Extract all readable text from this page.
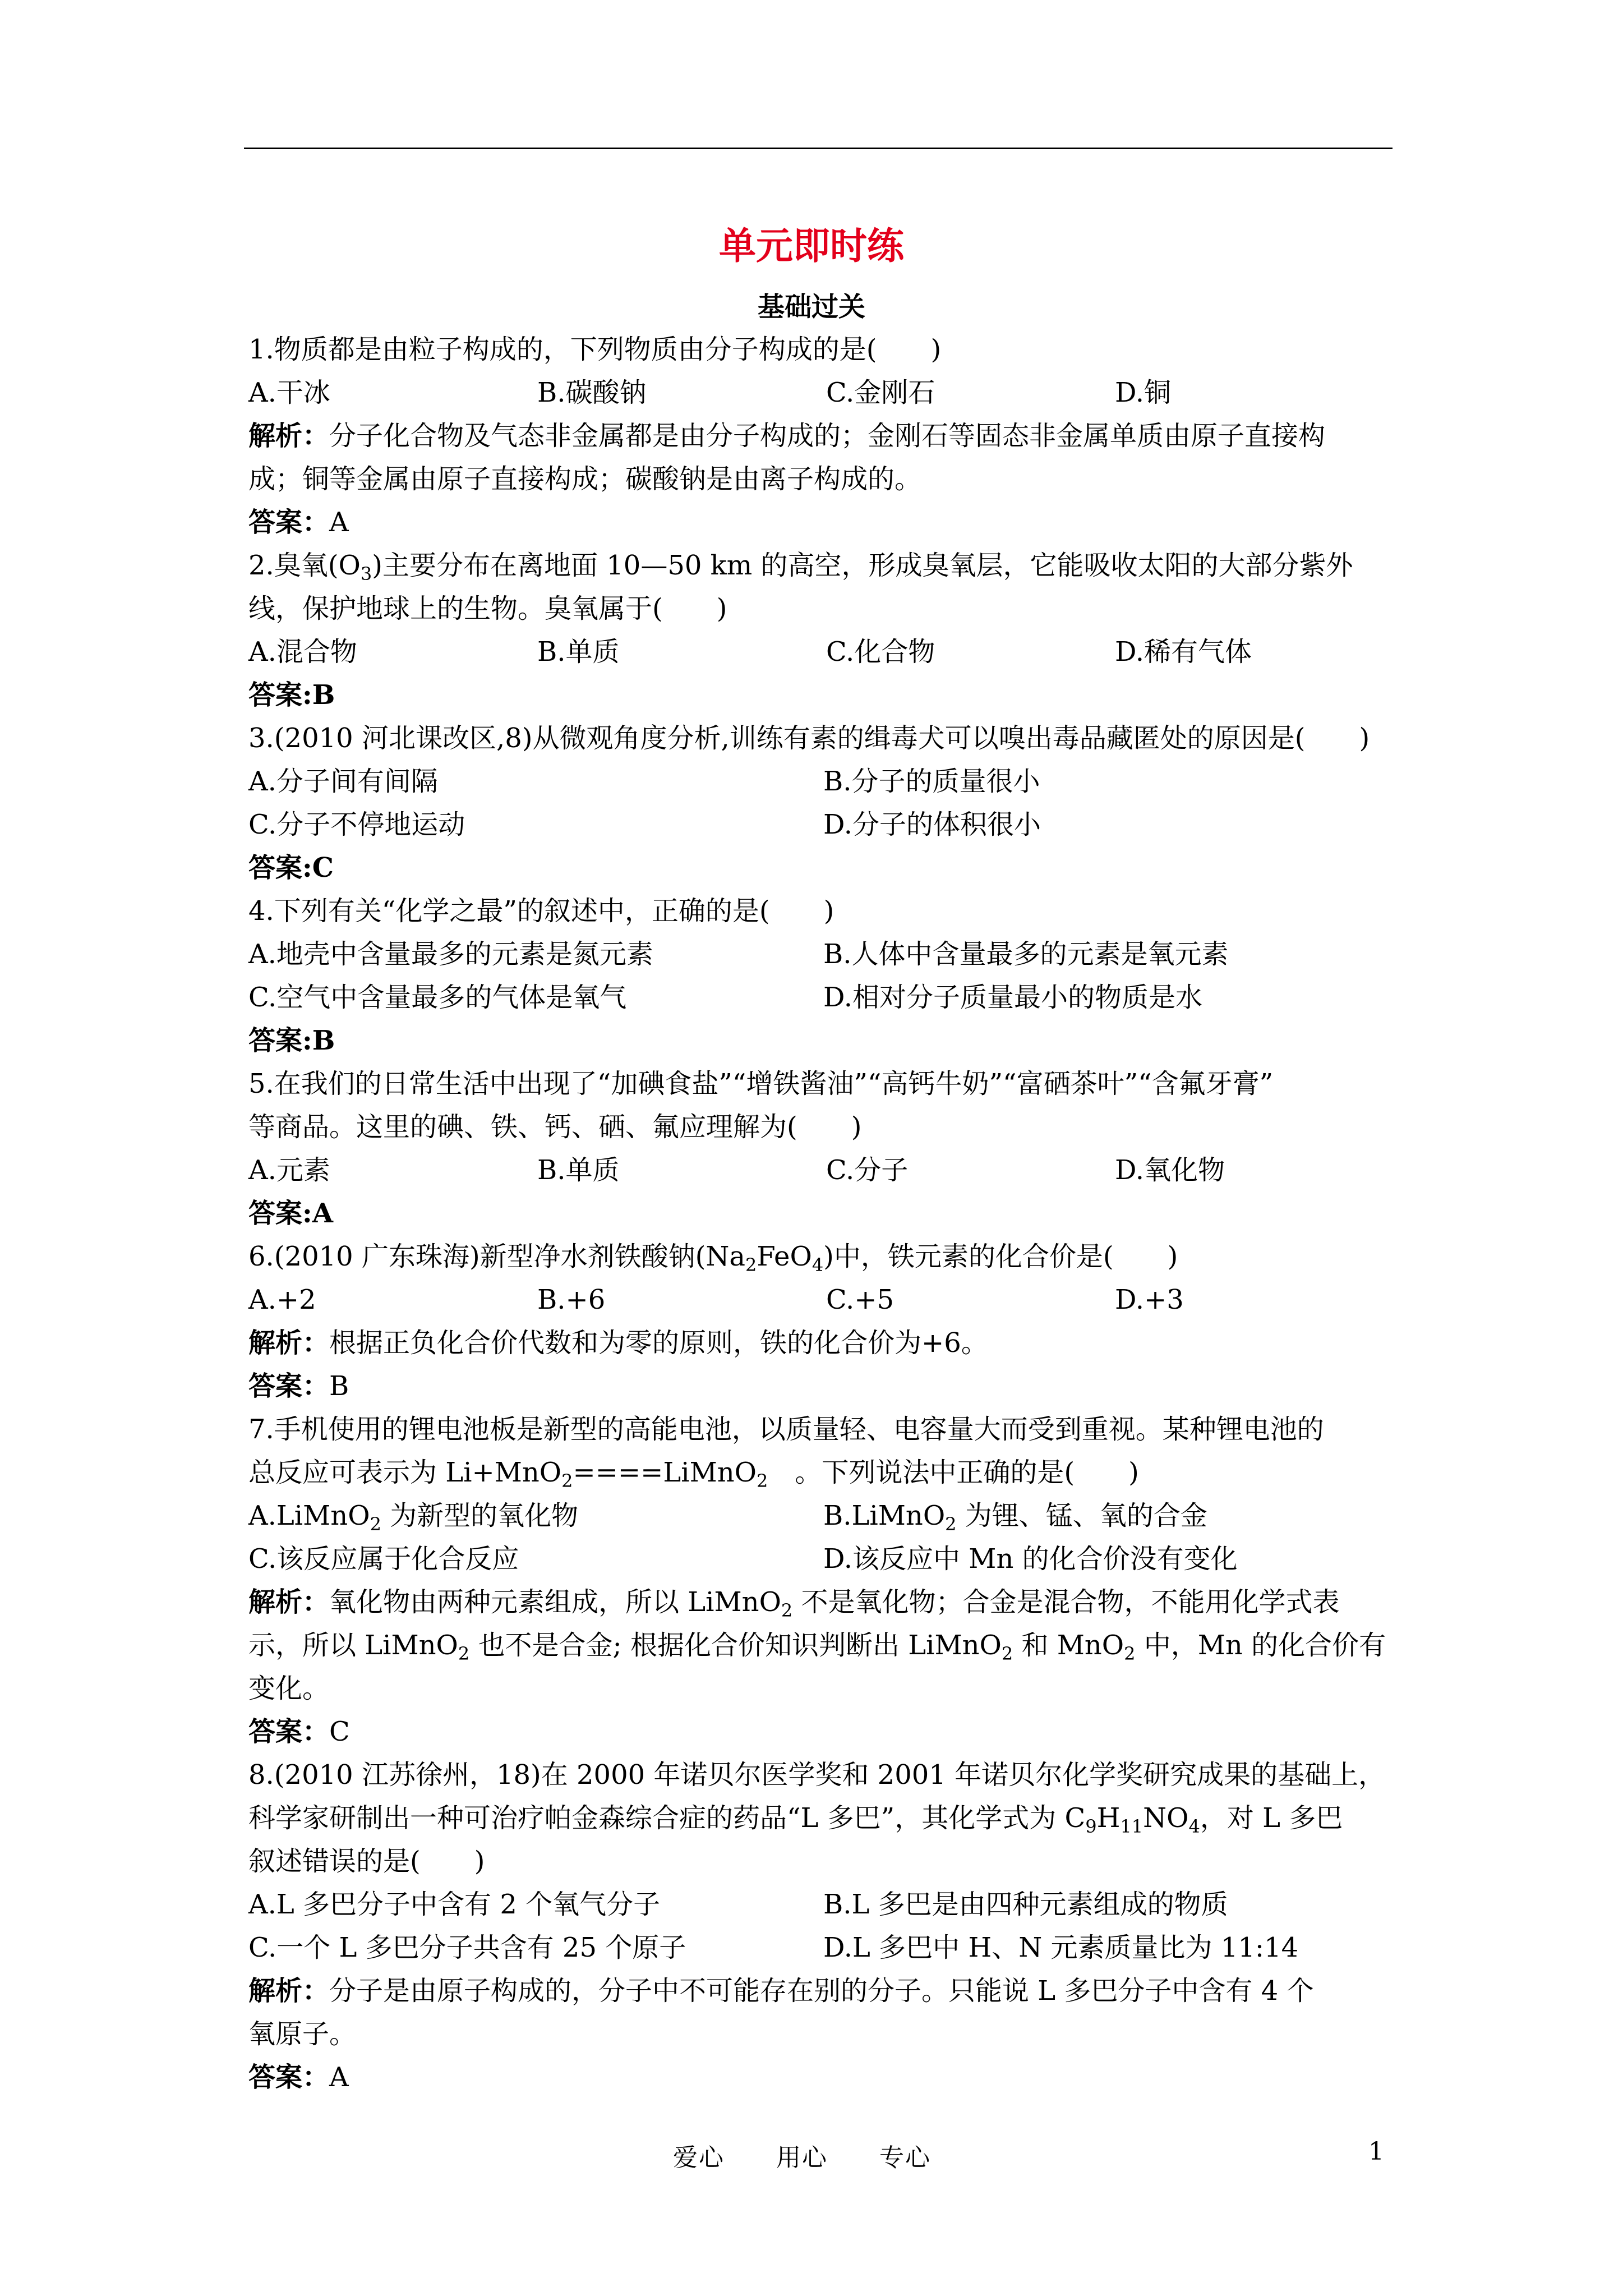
单元即时练
基础过关
1.物质都是由粒子构成的，下列物质由分子构成的是(　　)
A.干冰	B.碳酸钠	C.金刚石	D.铜
解析：分子化合物及气态非金属都是由分子构成的；金刚石等固态非金属单质由原子直接构
成；铜等金属由原子直接构成；碳酸钠是由离子构成的。
答案：A
2.臭氧$(O_3)$主要分布在离地面 10—50 km 的高空，形成臭氧层，它能吸收太阳的大部分紫外
线，保护地球上的生物。臭氧属于(　　)
A.混合物	B.单质	C.化合物	D.稀有气体
答案:B
3.(2010 河北课改区,8)从微观角度分析,训练有素的缉毒犬可以嗅出毒品藏匿处的原因是(　　)
A.分子间有间隔	B.分子的质量很小
C.分子不停地运动	D.分子的体积很小
答案:C
4.下列有关“化学之最”的叙述中，正确的是(　　)
A.地壳中含量最多的元素是氮元素	B.人体中含量最多的元素是氧元素
C.空气中含量最多的气体是氧气	D.相对分子质量最小的物质是水
答案:B
5.在我们的日常生活中出现了“加碘食盐”“增铁酱油”“高钙牛奶”“富硒茶叶”“含氟牙膏”
等商品。这里的碘、铁、钙、硒、氟应理解为(　　)
A.元素	B.单质	C.分子	D.氧化物
答案:A
6.(2010 广东珠海)新型净水剂铁酸钠$(Na_2FeO_4)$中，铁元素的化合价是(　　)
A.+2	B.+6	C.+5	D.+3
解析：根据正负化合价代数和为零的原则，铁的化合价为+6。
答案：B
7.手机使用的锂电池板是新型的高能电池，以质量轻、电容量大而受到重视。某种锂电池的
总反应可表示为 Li+MnO$_2$====LiMnO$_2$　。下列说法中正确的是(　　)
A.LiMnO$_2$ 为新型的氧化物	B.LiMnO$_2$ 为锂、锰、氧的合金
C.该反应属于化合反应	D.该反应中 Mn 的化合价没有变化
解析：氧化物由两种元素组成，所以 LiMnO$_2$ 不是氧化物；合金是混合物，不能用化学式表
示，所以 LiMnO$_2$ 也不是合金; 根据化合价知识判断出 LiMnO$_2$ 和 MnO$_2$ 中，Mn 的化合价有
变化。
答案：C
8.(2010 江苏徐州，18)在 2000 年诺贝尔医学奖和 2001 年诺贝尔化学奖研究成果的基础上，
科学家研制出一种可治疗帕金森综合症的药品“L 多巴”，其化学式为 $C_9H_{11}NO_4$，对 L 多巴
叙述错误的是(　　)
A.L 多巴分子中含有 2 个氧气分子	B.L 多巴是由四种元素组成的物质
C.一个 L 多巴分子共含有 25 个原子	D.L 多巴中 H、N 元素质量比为 11:14
解析：分子是由原子构成的，分子中不可能存在别的分子。只能说 L 多巴分子中含有 4 个
氧原子。
答案：A
爱心 用心 专心	1
